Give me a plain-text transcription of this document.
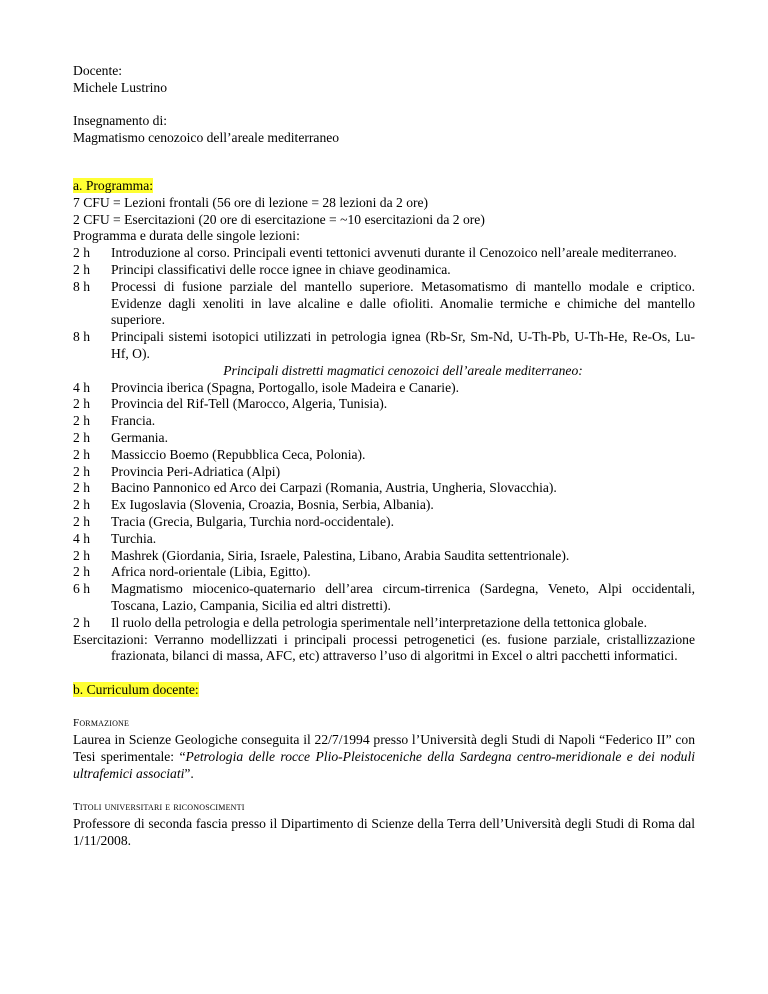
Docente:
Michele Lustrino
Insegnamento di:
Magmatismo cenozoico dell’areale mediterraneo
a. Programma:
7 CFU = Lezioni frontali (56 ore di lezione = 28 lezioni da 2 ore)
2 CFU = Esercitazioni (20 ore di esercitazione = ~10 esercitazioni da 2 ore)
Programma e durata delle singole lezioni:
2 h	Introduzione al corso. Principali eventi tettonici avvenuti durante il Cenozoico nell’areale mediterraneo.
2 h	Principi classificativi delle rocce ignee in chiave geodinamica.
8 h	Processi di fusione parziale del mantello superiore. Metasomatismo di mantello modale e criptico. Evidenze dagli xenoliti in lave alcaline e dalle ofioliti. Anomalie termiche e chimiche del mantello superiore.
8 h	Principali sistemi isotopici utilizzati in petrologia ignea (Rb-Sr, Sm-Nd, U-Th-Pb, U-Th-He, Re-Os, Lu-Hf, O).
Principali distretti magmatici cenozoici dell’areale mediterraneo:
4 h	Provincia iberica (Spagna, Portogallo, isole Madeira e Canarie).
2 h	Provincia del Rif-Tell (Marocco, Algeria, Tunisia).
2 h	Francia.
2 h	Germania.
2 h	Massiccio Boemo (Repubblica Ceca, Polonia).
2 h	Provincia Peri-Adriatica (Alpi)
2 h	Bacino Pannonico ed Arco dei Carpazi (Romania, Austria, Ungheria, Slovacchia).
2 h	Ex Iugoslavia (Slovenia, Croazia, Bosnia, Serbia, Albania).
2 h	Tracia (Grecia, Bulgaria, Turchia nord-occidentale).
4 h	Turchia.
2 h	Mashrek (Giordania, Siria, Israele, Palestina, Libano, Arabia Saudita settentrionale).
2 h	Africa nord-orientale (Libia, Egitto).
6 h	Magmatismo miocenico-quaternario dell’area circum-tirrenica (Sardegna, Veneto, Alpi occidentali, Toscana, Lazio, Campania, Sicilia ed altri distretti).
2 h	Il ruolo della petrologia e della petrologia sperimentale nell’interpretazione della tettonica globale.
Esercitazioni: Verranno modellizzati i principali processi petrogenetici (es. fusione parziale, cristallizzazione frazionata, bilanci di massa, AFC, etc) attraverso l’uso di algoritmi in Excel o altri pacchetti informatici.
b. Curriculum docente:
Formazione
Laurea in Scienze Geologiche conseguita il 22/7/1994 presso l’Università degli Studi di Napoli “Federico II” con Tesi sperimentale: “Petrologia delle rocce Plio-Pleistoceniche della Sardegna centro-meridionale e dei noduli ultrafemici associati”.
Titoli universitari e riconoscimenti
Professore di seconda fascia presso il Dipartimento di Scienze della Terra dell’Università degli Studi di Roma dal 1/11/2008.
